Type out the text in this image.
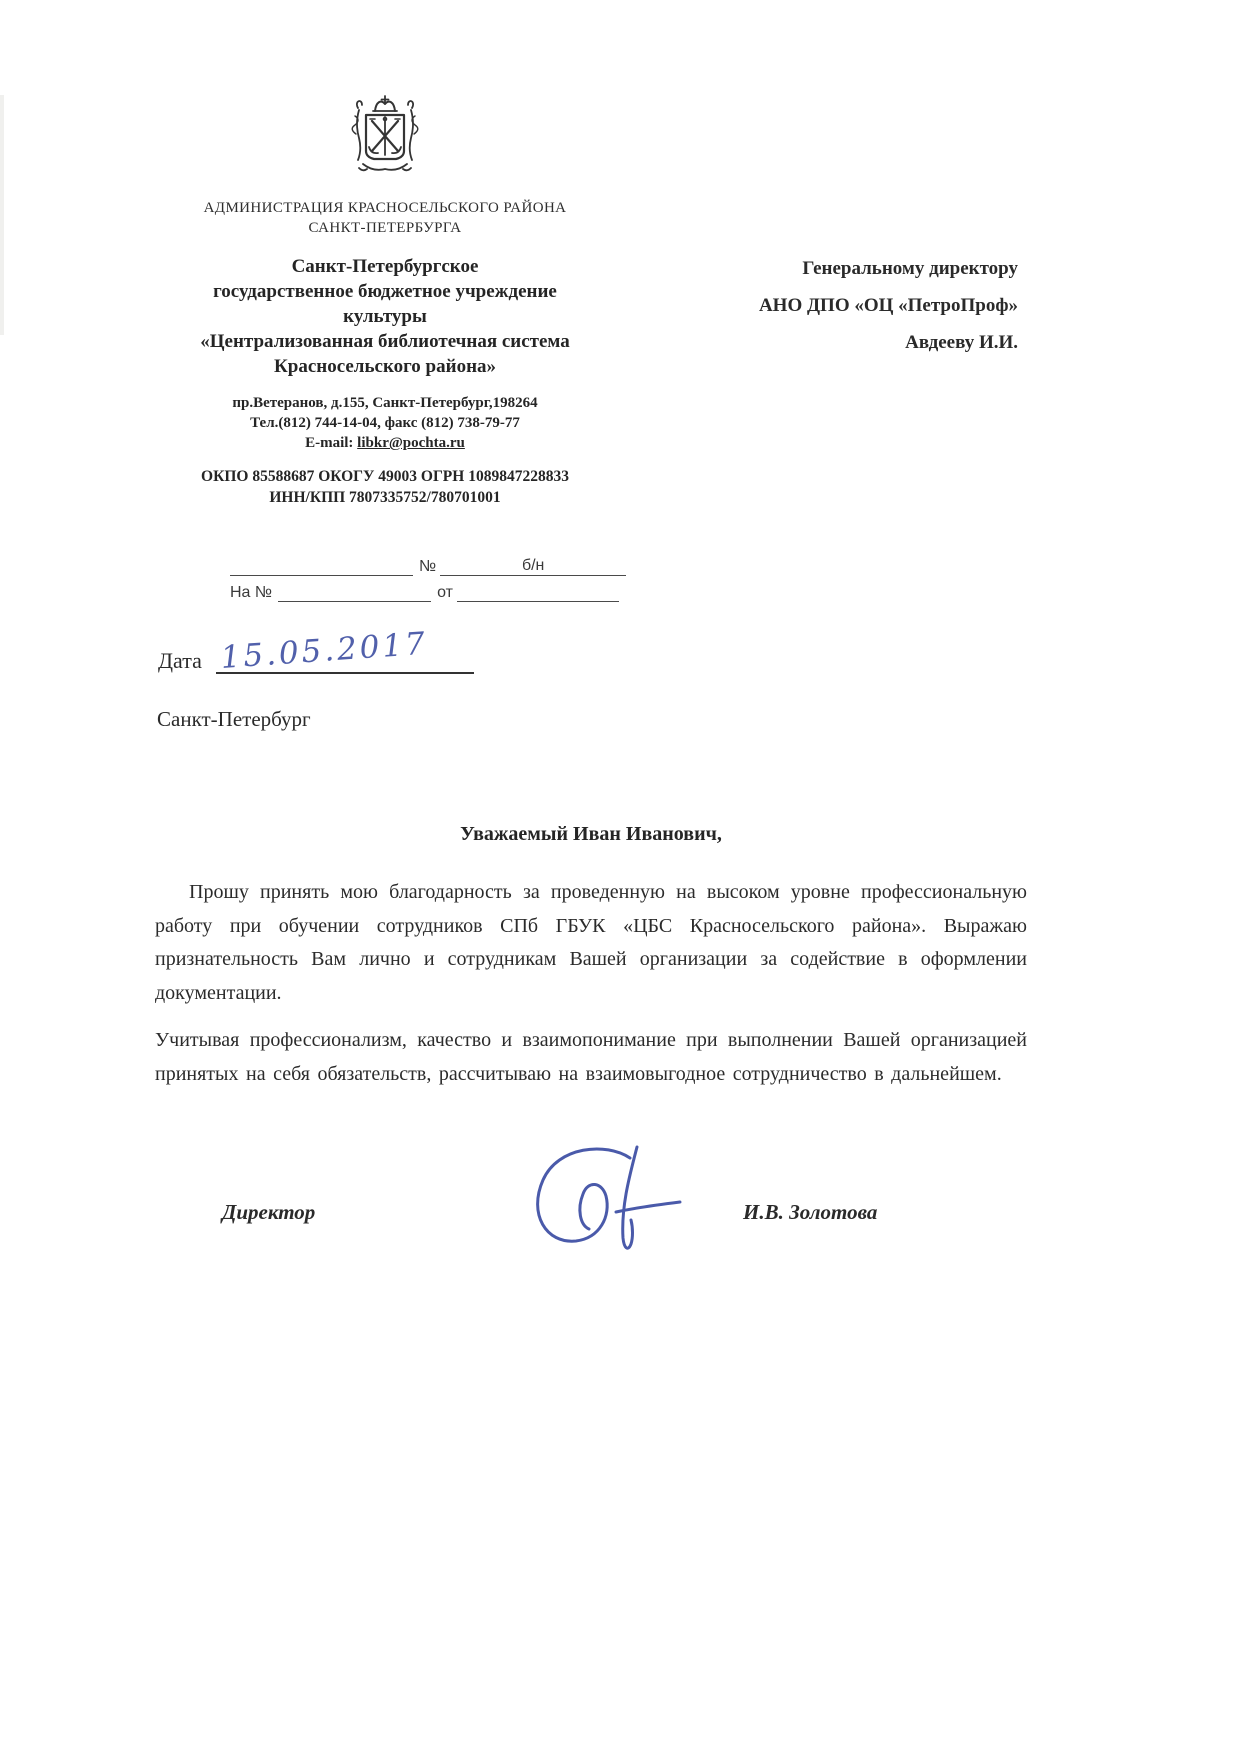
АДМИНИСТРАЦИЯ КРАСНОСЕЛЬСКОГО РАЙОНА
САНКТ-ПЕТЕРБУРГА
Санкт-Петербургское
государственное бюджетное учреждение
культуры
«Централизованная библиотечная система
Красносельского района»
пр.Ветеранов, д.155, Санкт-Петербург,198264
Тел.(812) 744-14-04, факс (812) 738-79-77
E-mail: libkr@pochta.ru
ОКПО 85588687 ОКОГУ 49003 ОГРН 1089847228833
ИНН/КПП 7807335752/780701001
Генеральному директору
АНО ДПО «ОЦ «ПетроПроф»
Авдееву И.И.
№	б/н
На №	от
Дата 15.05.2017
Санкт-Петербург
Уважаемый Иван Иванович,

Прошу принять мою благодарность за проведенную на высоком уровне профессиональную работу при обучении сотрудников СПб ГБУК «ЦБС Красносельского района». Выражаю признательность Вам лично и сотрудникам Вашей организации за содействие в оформлении документации.

Учитывая профессионализм, качество и взаимопонимание при выполнении Вашей организацией принятых на себя обязательств, рассчитываю на взаимовыгодное сотрудничество в дальнейшем.

Директор	И.В. Золотова
